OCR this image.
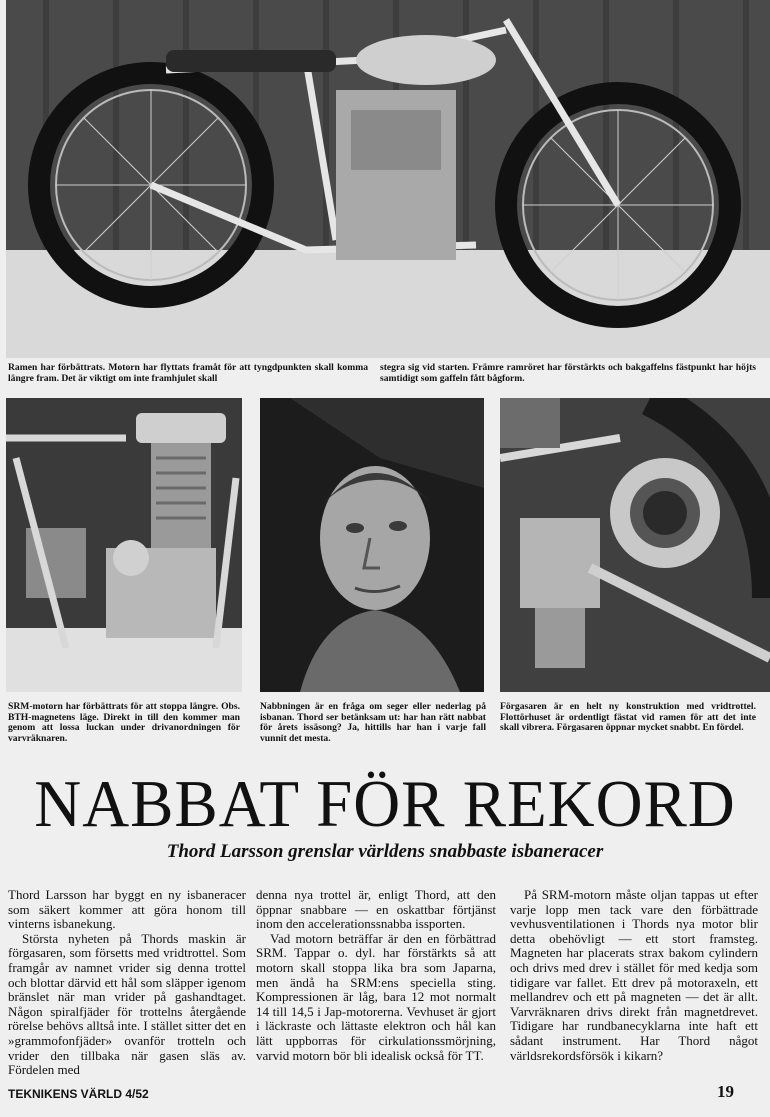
Ramen har förbättrats. Motorn har flyttats framåt för att tyngdpunkten skall komma längre fram. Det är viktigt om inte framhjulet skall

stegra sig vid starten. Främre ramröret har förstärkts och bakgaffelns fästpunkt har höjts samtidigt som gaffeln fått bågform.

SRM-motorn har förbättrats för att stoppa längre. Obs. BTH-magnetens läge. Direkt in till den kommer man genom att lossa luckan under drivanordningen för varvräknaren.

Nabbningen är en fråga om seger eller nederlag på isbanan. Thord ser betänksam ut: har han rätt nabbat för årets issäsong? Ja, hittills har han i varje fall vunnit det mesta.

Förgasaren är en helt ny konstruktion med vridtrottel. Flottörhuset är ordentligt fästat vid ramen för att det inte skall vibrera. Förgasaren öppnar mycket snabbt. En fördel.

NABBAT FÖR REKORD
Thord Larsson grenslar världens snabbaste isbaneracer

Thord Larsson har byggt en ny isbaneracer som säkert kommer att göra honom till vinterns isbanekung.

Största nyheten på Thords maskin är förgasaren, som försetts med vridtrottel. Som framgår av namnet vrider sig denna trottel och blottar därvid ett hål som släpper igenom bränslet när man vrider på gashandtaget. Någon spiralfjäder för trottelns återgående rörelse behövs alltså inte. I stället sitter det en »grammofonfjäder» ovanför trotteln och vrider den tillbaka när gasen släs av. Fördelen med

denna nya trottel är, enligt Thord, att den öppnar snabbare — en oskattbar förtjänst inom den accelerationssnabba issporten.

Vad motorn beträffar är den en förbättrad SRM. Tappar o. dyl. har förstärkts så att motorn skall stoppa lika bra som Japarna, men ändå ha SRM:ens speciella sting. Kompressionen är låg, bara 12 mot normalt 14 till 14,5 i Jap-motorerna. Vevhuset är gjort i läckraste och lättaste elektron och hål kan lätt uppborras för cirkulationssmörjning, varvid motorn bör bli idealisk också för TT.

På SRM-motorn måste oljan tappas ut efter varje lopp men tack vare den förbättrade vevhusventilationen i Thords nya motor blir detta obehövligt — ett stort framsteg. Magneten har placerats strax bakom cylindern och drivs med drev i stället för med kedja som tidigare var fallet. Ett drev på motoraxeln, ett mellandrev och ett på magneten — det är allt. Varvräknaren drivs direkt från magnetdrevet. Tidigare har rundbanecyklarna inte haft ett sådant instrument. Har Thord något världsrekordsförsök i kikarn?

TEKNIKENS VÄRLD 4/52	19
